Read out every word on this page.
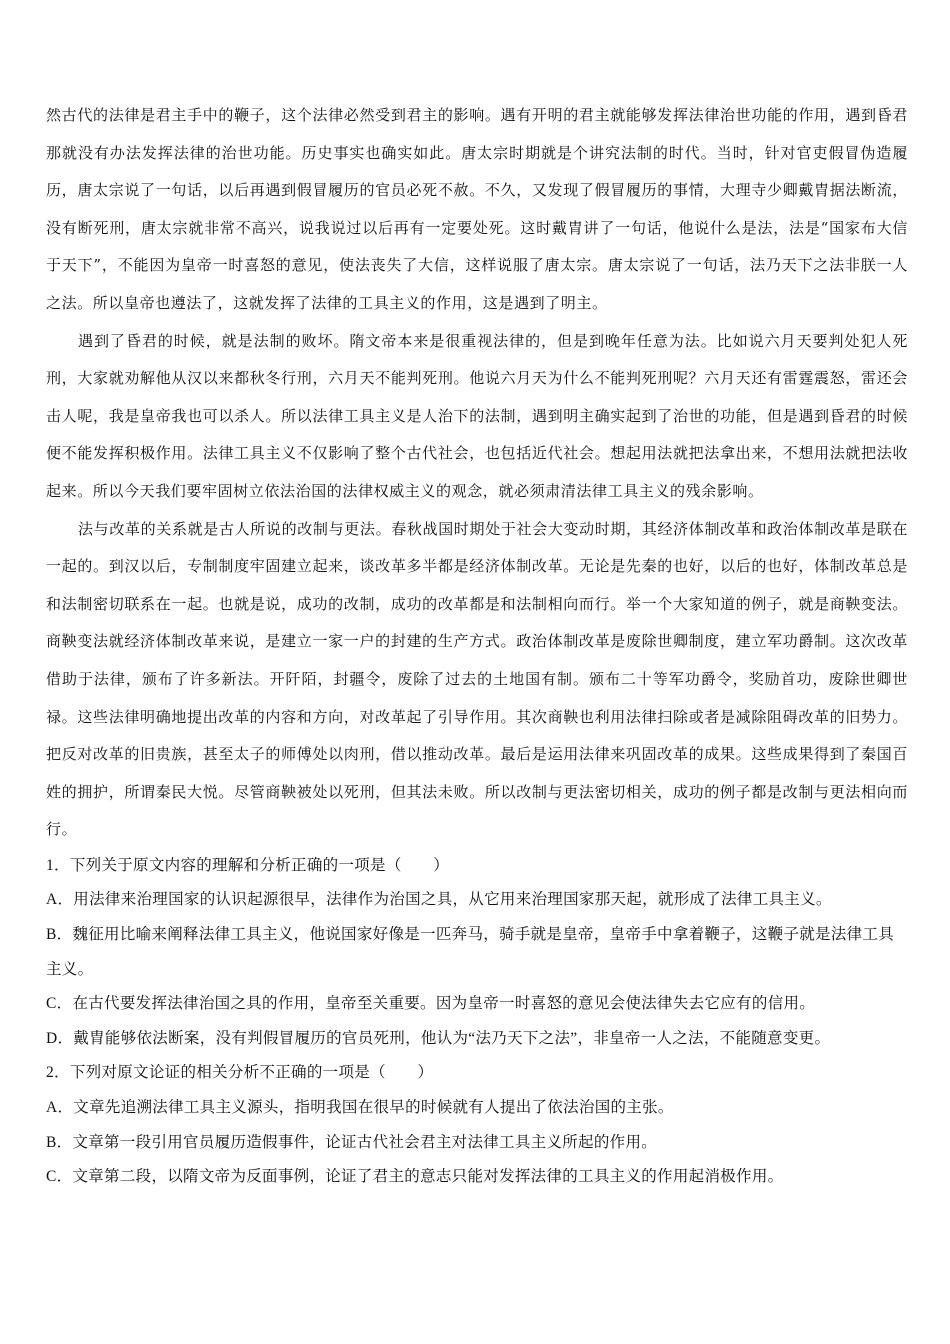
然古代的法律是君主手中的鞭子，这个法律必然受到君主的影响。遇有开明的君主就能够发挥法律治世功能的作用，遇到昏君那就没有办法发挥法律的治世功能。历史事实也确实如此。唐太宗时期就是个讲究法制的时代。当时，针对官吏假冒伪造履历，唐太宗说了一句话，以后再遇到假冒履历的官员必死不赦。不久，又发现了假冒履历的事情，大理寺少卿戴胄据法断流，没有断死刑，唐太宗就非常不高兴，说我说过以后再有一定要处死。这时戴胄讲了一句话，他说什么是法，法是“国家布大信于天下”，不能因为皇帝一时喜怒的意见，使法丧失了大信，这样说服了唐太宗。唐太宗说了一句话，法乃天下之法非朕一人之法。所以皇帝也遵法了，这就发挥了法律的工具主义的作用，这是遇到了明主。

遇到了昏君的时候，就是法制的败坏。隋文帝本来是很重视法律的，但是到晚年任意为法。比如说六月天要判处犯人死刑，大家就劝解他从汉以来都秋冬行刑，六月天不能判死刑。他说六月天为什么不能判死刑呢？六月天还有雷霆震怒，雷还会击人呢，我是皇帝我也可以杀人。所以法律工具主义是人治下的法制，遇到明主确实起到了治世的功能，但是遇到昏君的时候便不能发挥积极作用。法律工具主义不仅影响了整个古代社会，也包括近代社会。想起用法就把法拿出来，不想用法就把法收起来。所以今天我们要牢固树立依法治国的法律权威主义的观念，就必须肃清法律工具主义的残余影响。

法与改革的关系就是古人所说的改制与更法。春秋战国时期处于社会大变动时期，其经济体制改革和政治体制改革是联在一起的。到汉以后，专制制度牢固建立起来，谈改革多半都是经济体制改革。无论是先秦的也好，以后的也好，体制改革总是和法制密切联系在一起。也就是说，成功的改制，成功的改革都是和法制相向而行。举一个大家知道的例子，就是商鞅变法。商鞅变法就经济体制改革来说，是建立一家一户的封建的生产方式。政治体制改革是废除世卿制度，建立军功爵制。这次改革借助于法律，颁布了许多新法。开阡陌，封疆令，废除了过去的土地国有制。颁布二十等军功爵令，奖励首功，废除世卿世禄。这些法律明确地提出改革的内容和方向，对改革起了引导作用。其次商鞅也利用法律扫除或者是减除阻碍改革的旧势力。把反对改革的旧贵族，甚至太子的师傅处以肉刑，借以推动改革。最后是运用法律来巩固改革的成果。这些成果得到了秦国百姓的拥护，所谓秦民大悦。尽管商鞅被处以死刑，但其法未败。所以改制与更法密切相关，成功的例子都是改制与更法相向而行。

1．下列关于原文内容的理解和分析正确的一项是（　　）

A．用法律来治理国家的认识起源很早，法律作为治国之具，从它用来治理国家那天起，就形成了法律工具主义。

B．魏征用比喻来阐释法律工具主义，他说国家好像是一匹奔马，骑手就是皇帝，皇帝手中拿着鞭子，这鞭子就是法律工具主义。

C．在古代要发挥法律治国之具的作用，皇帝至关重要。因为皇帝一时喜怒的意见会使法律失去它应有的信用。

D．戴胄能够依法断案，没有判假冒履历的官员死刑，他认为“法乃天下之法”，非皇帝一人之法，不能随意变更。

2．下列对原文论证的相关分析不正确的一项是（　　）

A．文章先追溯法律工具主义源头，指明我国在很早的时候就有人提出了依法治国的主张。

B．文章第一段引用官员履历造假事件，论证古代社会君主对法律工具主义所起的作用。

C．文章第二段，以隋文帝为反面事例，论证了君主的意志只能对发挥法律的工具主义的作用起消极作用。
